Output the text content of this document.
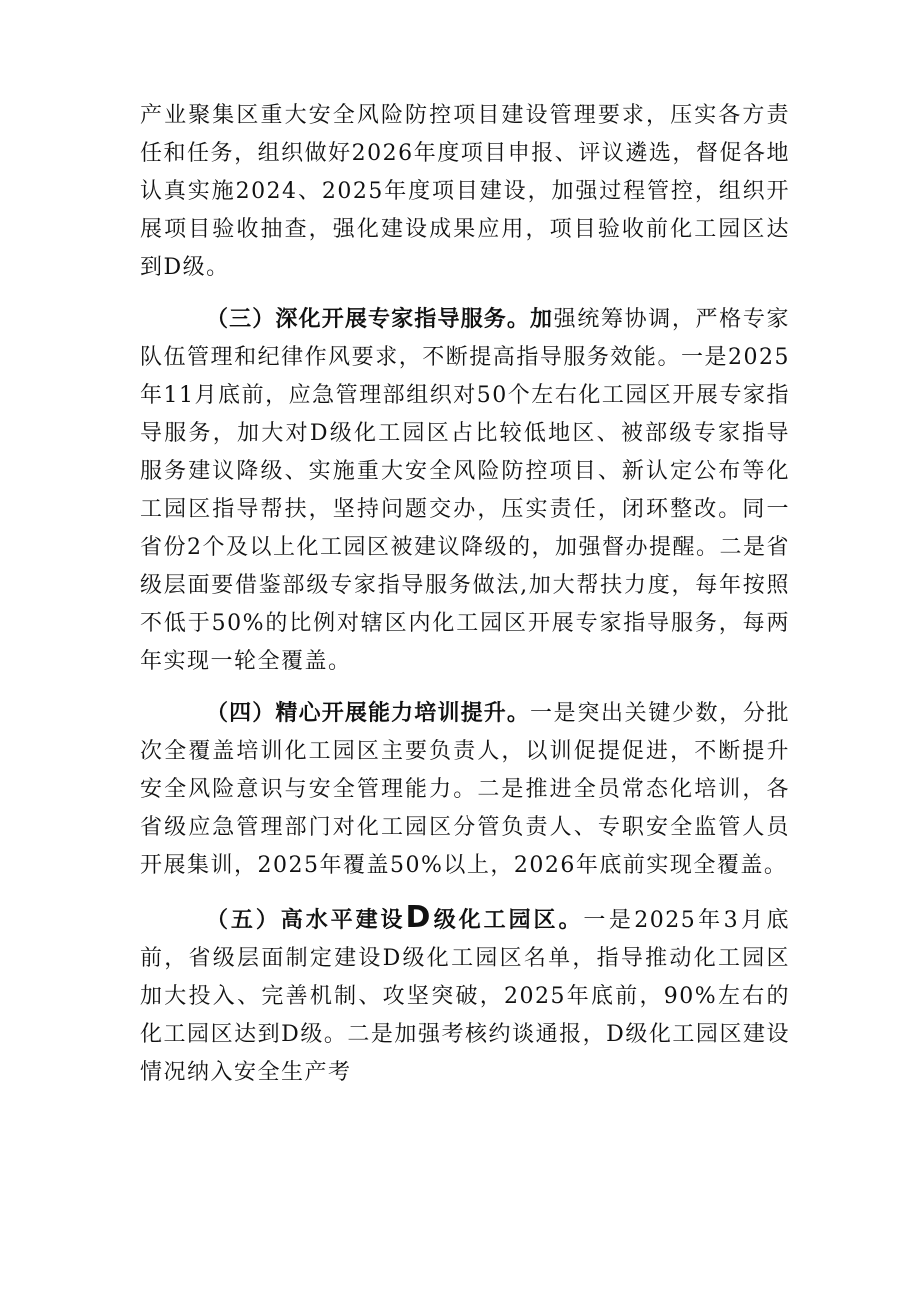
产业聚集区重大安全风险防控项目建设管理要求，压实各方责任和任务，组织做好2026年度项目申报、评议遴选，督促各地认真实施2024、2025年度项目建设，加强过程管控，组织开展项目验收抽查，强化建设成果应用，项目验收前化工园区达到D级。

（三）深化开展专家指导服务。加强统筹协调，严格专家队伍管理和纪律作风要求，不断提高指导服务效能。一是2025年11月底前，应急管理部组织对50个左右化工园区开展专家指导服务，加大对D级化工园区占比较低地区、被部级专家指导服务建议降级、实施重大安全风险防控项目、新认定公布等化工园区指导帮扶，坚持问题交办，压实责任，闭环整改。同一省份2个及以上化工园区被建议降级的，加强督办提醒。二是省级层面要借鉴部级专家指导服务做法,加大帮扶力度，每年按照不低于50%的比例对辖区内化工园区开展专家指导服务，每两年实现一轮全覆盖。

（四）精心开展能力培训提升。一是突出关键少数，分批次全覆盖培训化工园区主要负责人，以训促提促进，不断提升安全风险意识与安全管理能力。二是推进全员常态化培训，各省级应急管理部门对化工园区分管负责人、专职安全监管人员开展集训，2025年覆盖50%以上，2026年底前实现全覆盖。

（五）高水平建设D级化工园区。一是2025年3月底前，省级层面制定建设D级化工园区名单，指导推动化工园区加大投入、完善机制、攻坚突破，2025年底前，90%左右的化工园区达到D级。二是加强考核约谈通报，D级化工园区建设情况纳入安全生产考
